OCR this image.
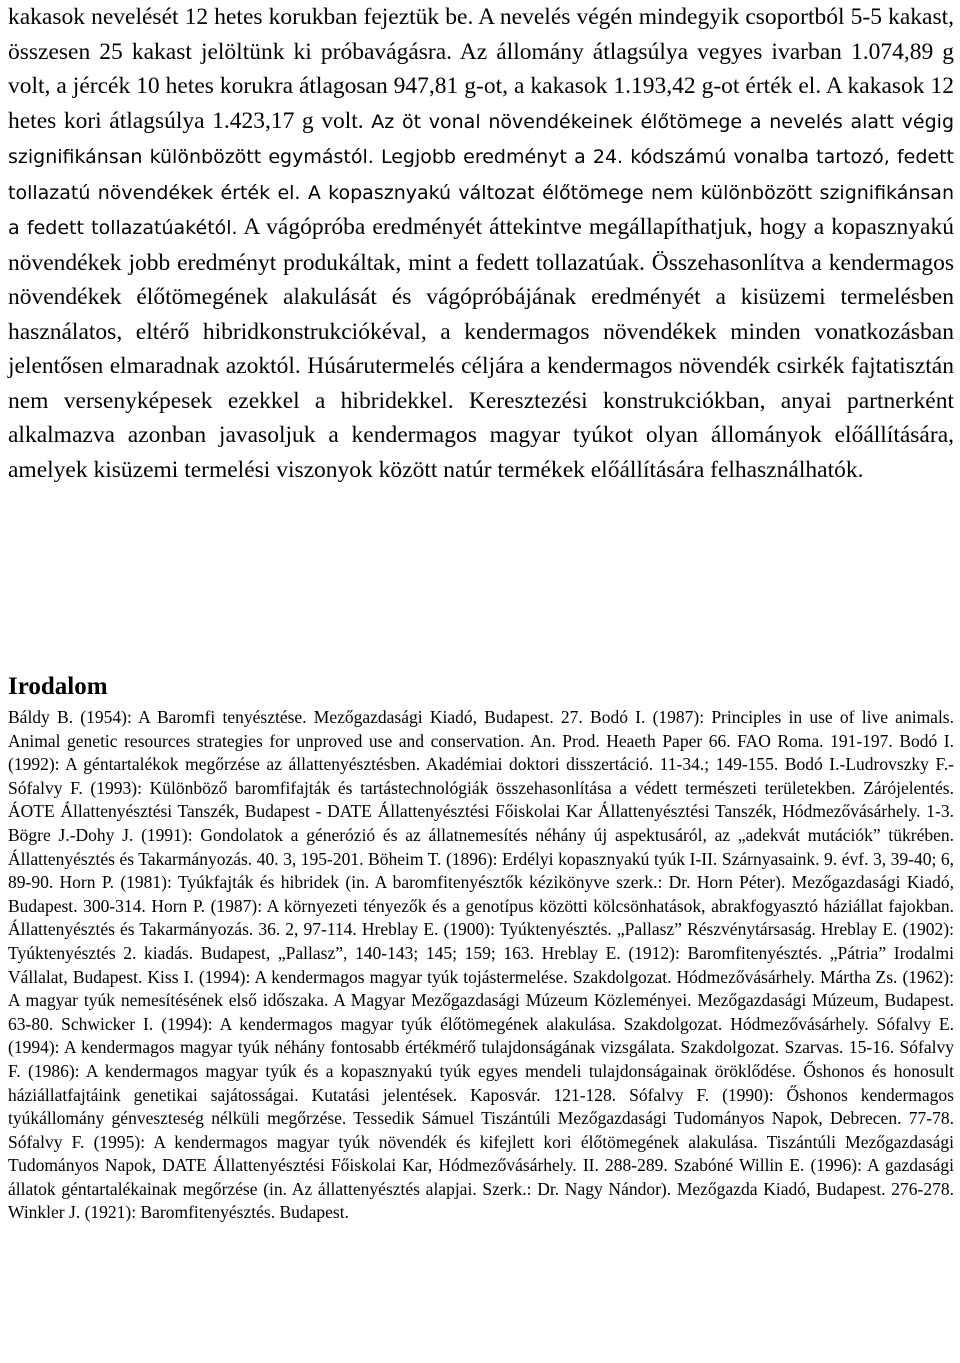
kakasok nevelését 12 hetes korukban fejeztük be. A nevelés végén mindegyik csoportból 5-5 kakast, összesen 25 kakast jelöltünk ki próbavágásra. Az állomány átlagsúlya vegyes ivarban 1.074,89 g volt, a jércék 10 hetes korukra átlagosan 947,81 g-ot, a kakasok 1.193,42 g-ot érték el. A kakasok 12 hetes kori átlagsúlya 1.423,17 g volt. Az öt vonal növendékeinek élőtömege a nevelés alatt végig szignifikánsan különbözött egymástól. Legjobb eredményt a 24. kódszámú vonalba tartozó, fedett tollazatú növendékek érték el. A kopasznyakú változat élőtömege nem különbözött szignifikánsan a fedett tollazatúakétól. A vágópróba eredményét áttekintve megállapíthatjuk, hogy a kopasznyakú növendékek jobb eredményt produkáltak, mint a fedett tollazatúak. Összehasonlítva a kendermagos növendékek élőtömegének alakulását és vágópróbájának eredményét a kisüzemi termelésben használatos, eltérő hibridkonstrukciókéval, a kendermagos növendékek minden vonatkozásban jelentősen elmaradnak azoktól. Húsárutermelés céljára a kendermagos növendék csirkék fajtatisztán nem versenyképesek ezekkel a hibridekkel. Keresztezési konstrukciókban, anyai partnerként alkalmazva azonban javasoljuk a kendermagos magyar tyúkot olyan állományok előállítására, amelyek kisüzemi termelési viszonyok között natúr termékek előállítására felhasználhatók.

Irodalom

Báldy B. (1954): A Baromfi tenyésztése. Mezőgazdasági Kiadó, Budapest. 27. Bodó I. (1987): Principles in use of live animals. Animal genetic resources strategies for unproved use and conservation. An. Prod. Heaeth Paper 66. FAO Roma. 191-197. Bodó I. (1992): A géntartalékok megőrzése az állattenyésztésben. Akadémiai doktori disszertáció. 11-34.; 149-155. Bodó I.-Ludrovszky F.-Sófalvy F. (1993): Különböző baromfifajták és tartástechnológiák összehasonlítása a védett természeti területekben. Zárójelentés. ÁOTE Állattenyésztési Tanszék, Budapest - DATE Állattenyésztési Főiskolai Kar Állattenyésztési Tanszék, Hódmezővásárhely. 1-3. Bögre J.-Dohy J. (1991): Gondolatok a génerózió és az állatnemesítés néhány új aspektusáról, az „adekvát mutációk” tükrében. Állattenyésztés és Takarmányozás. 40. 3, 195-201. Böheim T. (1896): Erdélyi kopasznyakú tyúk I-II. Szárnyasaink. 9. évf. 3, 39-40; 6, 89-90. Horn P. (1981): Tyúkfajták és hibridek (in. A baromfitenyésztők kézikönyve szerk.: Dr. Horn Péter). Mezőgazdasági Kiadó, Budapest. 300-314. Horn P. (1987): A környezeti tényezők és a genotípus közötti kölcsönhatások, abrakfogyasztó háziállat fajokban. Állattenyésztés és Takarmányozás. 36. 2, 97-114. Hreblay E. (1900): Tyúktenyésztés. „Pallasz” Részvénytársaság. Hreblay E. (1902): Tyúktenyésztés 2. kiadás. Budapest, „Pallasz”, 140-143; 145; 159; 163. Hreblay E. (1912): Baromfitenyésztés. „Pátria” Irodalmi Vállalat, Budapest. Kiss I. (1994): A kendermagos magyar tyúk tojástermelése. Szakdolgozat. Hódmezővásárhely. Mártha Zs. (1962): A magyar tyúk nemesítésének első időszaka. A Magyar Mezőgazdasági Múzeum Közleményei. Mezőgazdasági Múzeum, Budapest. 63-80. Schwicker I. (1994): A kendermagos magyar tyúk élőtömegének alakulása. Szakdolgozat. Hódmezővásárhely. Sófalvy E. (1994): A kendermagos magyar tyúk néhány fontosabb értékmérő tulajdonságának vizsgálata. Szakdolgozat. Szarvas. 15-16. Sófalvy F. (1986): A kendermagos magyar tyúk és a kopasznyakú tyúk egyes mendeli tulajdonságainak öröklődése. Őshonos és honosult háziállatfajtáink genetikai sajátosságai. Kutatási jelentések. Kaposvár. 121-128. Sófalvy F. (1990): Őshonos kendermagos tyúkállomány génveszteség nélküli megőrzése. Tessedik Sámuel Tiszántúli Mezőgazdasági Tudományos Napok, Debrecen. 77-78. Sófalvy F. (1995): A kendermagos magyar tyúk növendék és kifejlett kori élőtömegének alakulása. Tiszántúli Mezőgazdasági Tudományos Napok, DATE Állattenyésztési Főiskolai Kar, Hódmezővásárhely. II. 288-289. Szabóné Willin E. (1996): A gazdasági állatok géntartalékainak megőrzése (in. Az állattenyésztés alapjai. Szerk.: Dr. Nagy Nándor). Mezőgazda Kiadó, Budapest. 276-278. Winkler J. (1921): Baromfitenyésztés. Budapest.
